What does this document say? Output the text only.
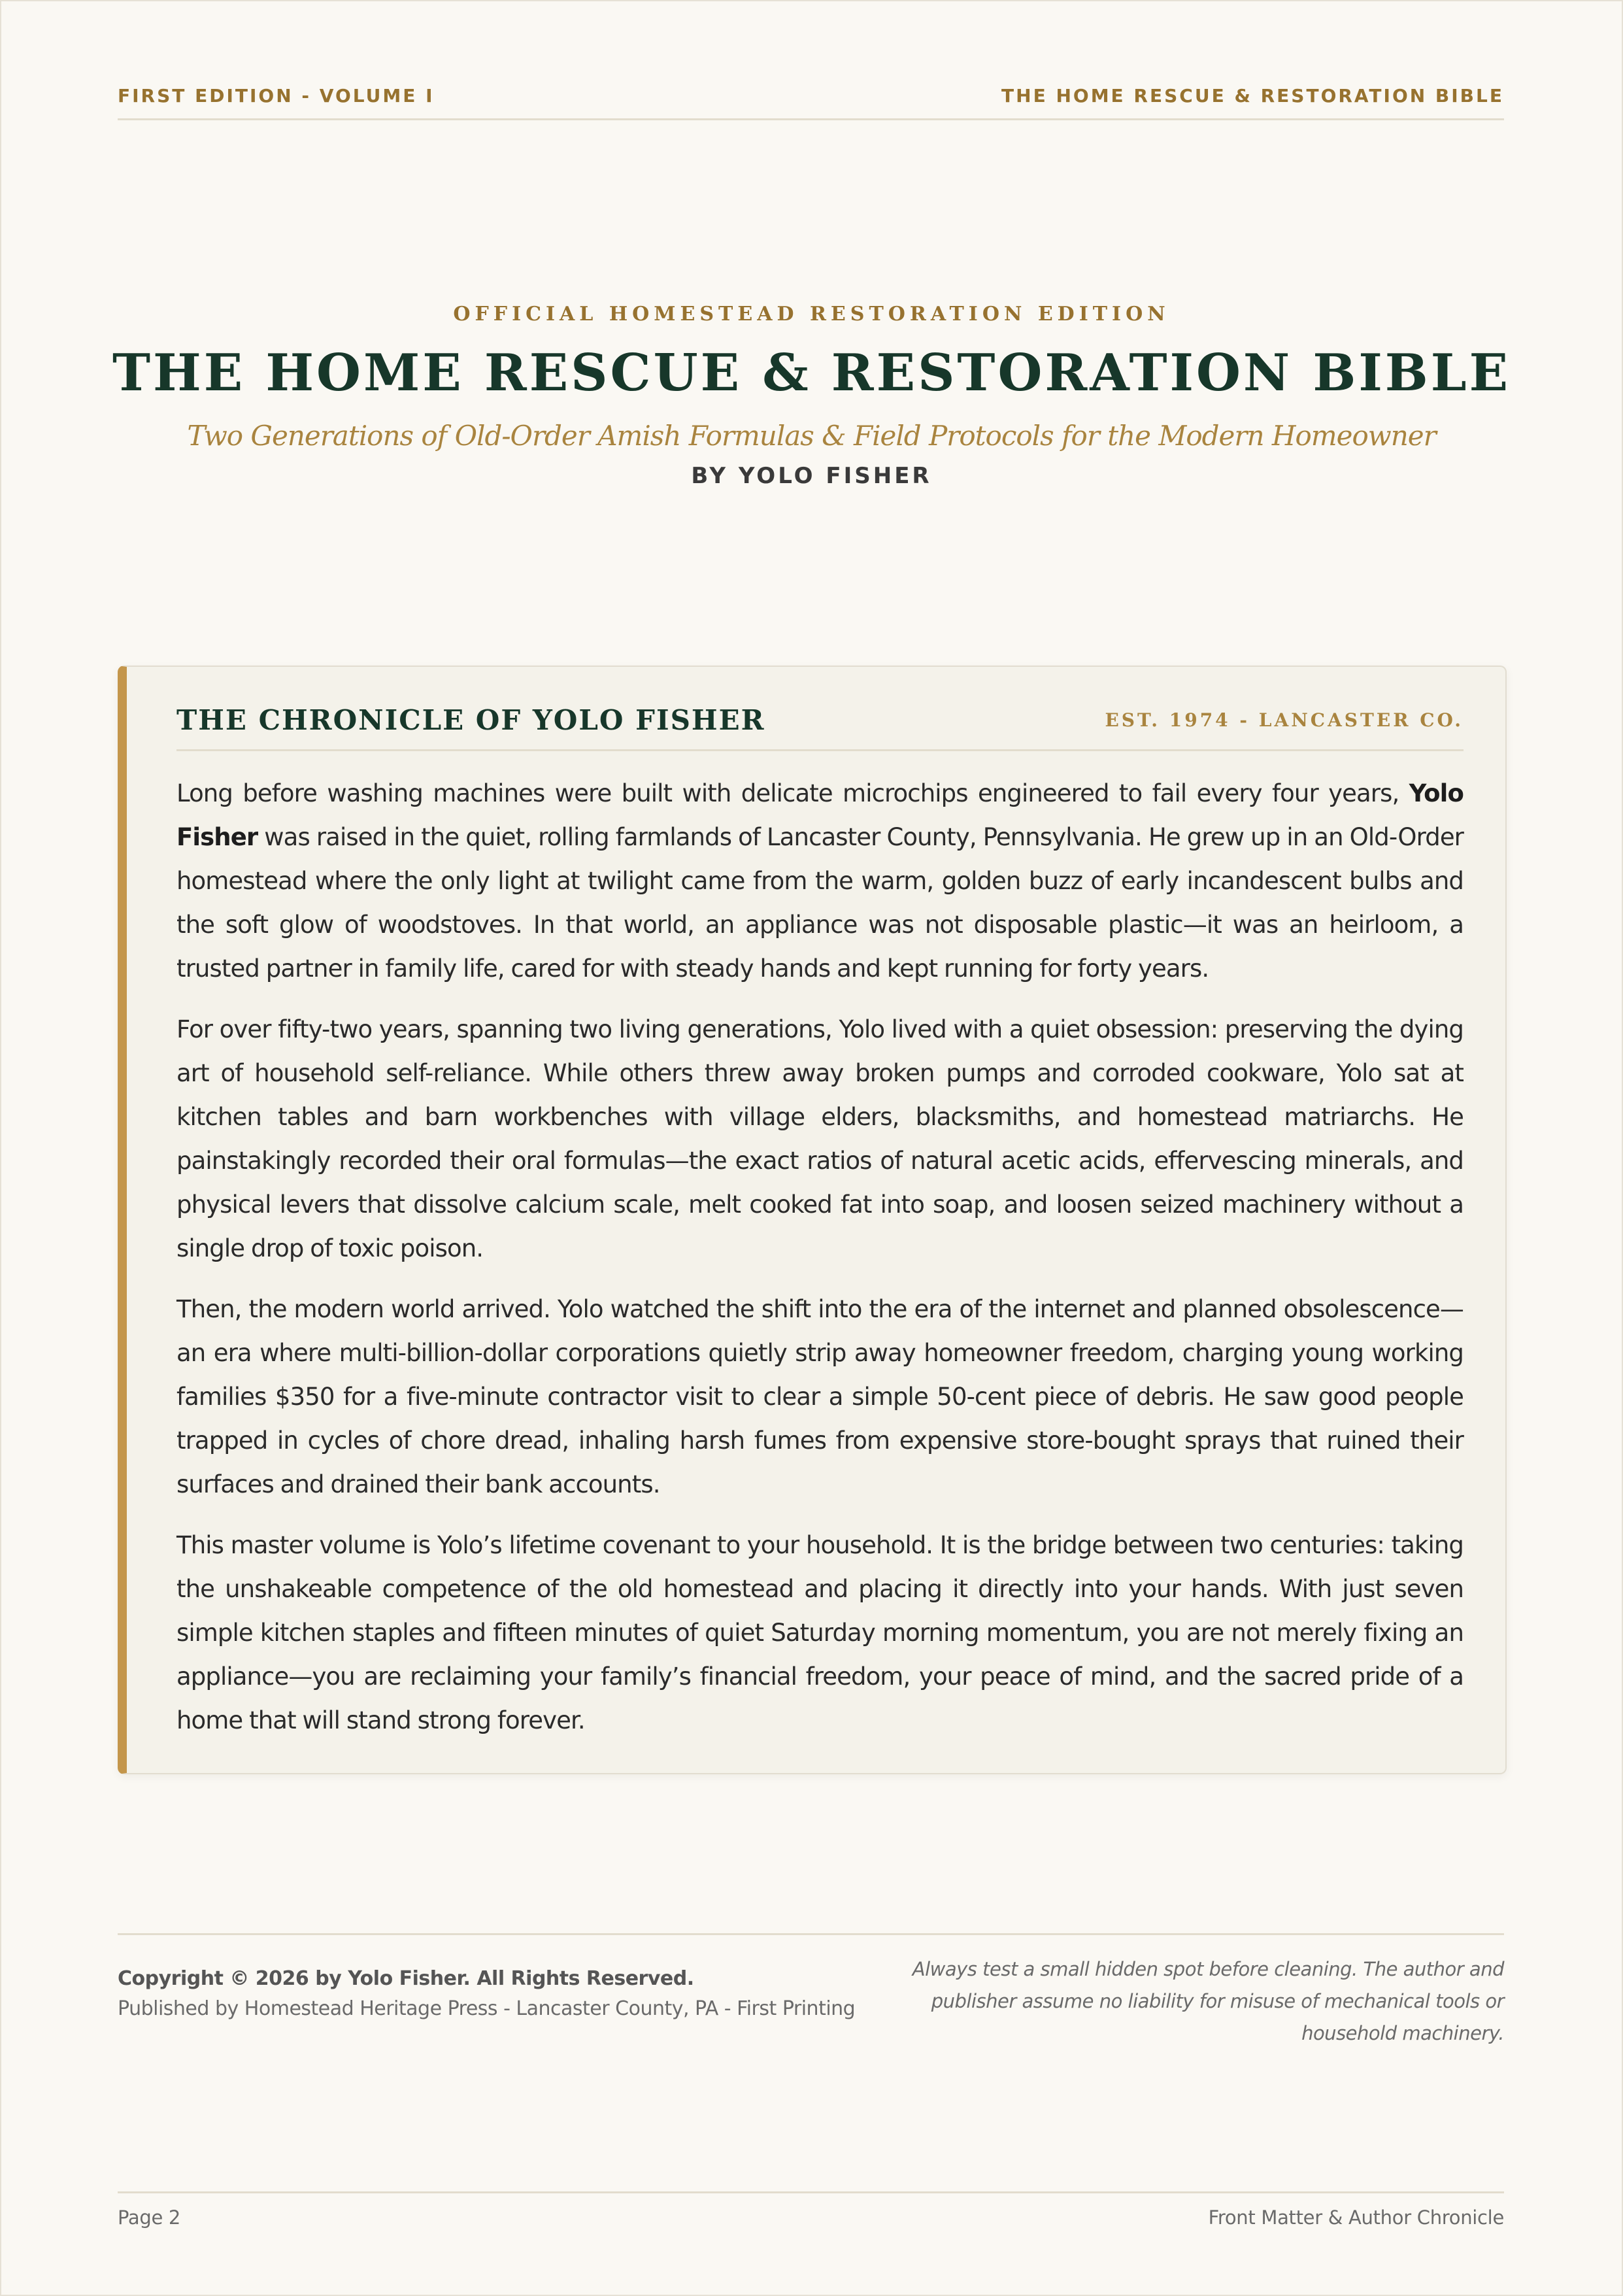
FIRST EDITION - VOLUME I	THE HOME RESCUE & RESTORATION BIBLE

OFFICIAL HOMESTEAD RESTORATION EDITION

THE HOME RESCUE & RESTORATION BIBLE

Two Generations of Old-Order Amish Formulas & Field Protocols for the Modern Homeowner

BY YOLO FISHER

THE CHRONICLE OF YOLO FISHER	EST. 1974 - LANCASTER CO.

Long before washing machines were built with delicate microchips engineered to fail every four years, Yolo Fisher was raised in the quiet, rolling farmlands of Lancaster County, Pennsylvania. He grew up in an Old-Order homestead where the only light at twilight came from the warm, golden buzz of early incandescent bulbs and the soft glow of woodstoves. In that world, an appliance was not disposable plastic—it was an heirloom, a trusted partner in family life, cared for with steady hands and kept running for forty years.

For over fifty-two years, spanning two living generations, Yolo lived with a quiet obsession: preserving the dying art of household self-reliance. While others threw away broken pumps and corroded cookware, Yolo sat at kitchen tables and barn workbenches with village elders, blacksmiths, and homestead matriarchs. He painstakingly recorded their oral formulas—the exact ratios of natural acetic acids, effervescing minerals, and physical levers that dissolve calcium scale, melt cooked fat into soap, and loosen seized machinery without a single drop of toxic poison.

Then, the modern world arrived. Yolo watched the shift into the era of the internet and planned obsolescence—an era where multi-billion-dollar corporations quietly strip away homeowner freedom, charging young working families $350 for a five-minute contractor visit to clear a simple 50-cent piece of debris. He saw good people trapped in cycles of chore dread, inhaling harsh fumes from expensive store-bought sprays that ruined their surfaces and drained their bank accounts.

This master volume is Yolo’s lifetime covenant to your household. It is the bridge between two centuries: taking the unshakeable competence of the old homestead and placing it directly into your hands. With just seven simple kitchen staples and fifteen minutes of quiet Saturday morning momentum, you are not merely fixing an appliance—you are reclaiming your family’s financial freedom, your peace of mind, and the sacred pride of a home that will stand strong forever.

Copyright © 2026 by Yolo Fisher. All Rights Reserved.
Published by Homestead Heritage Press - Lancaster County, PA - First Printing
Always test a small hidden spot before cleaning. The author and publisher assume no liability for misuse of mechanical tools or household machinery.
Page 2	Front Matter & Author Chronicle
